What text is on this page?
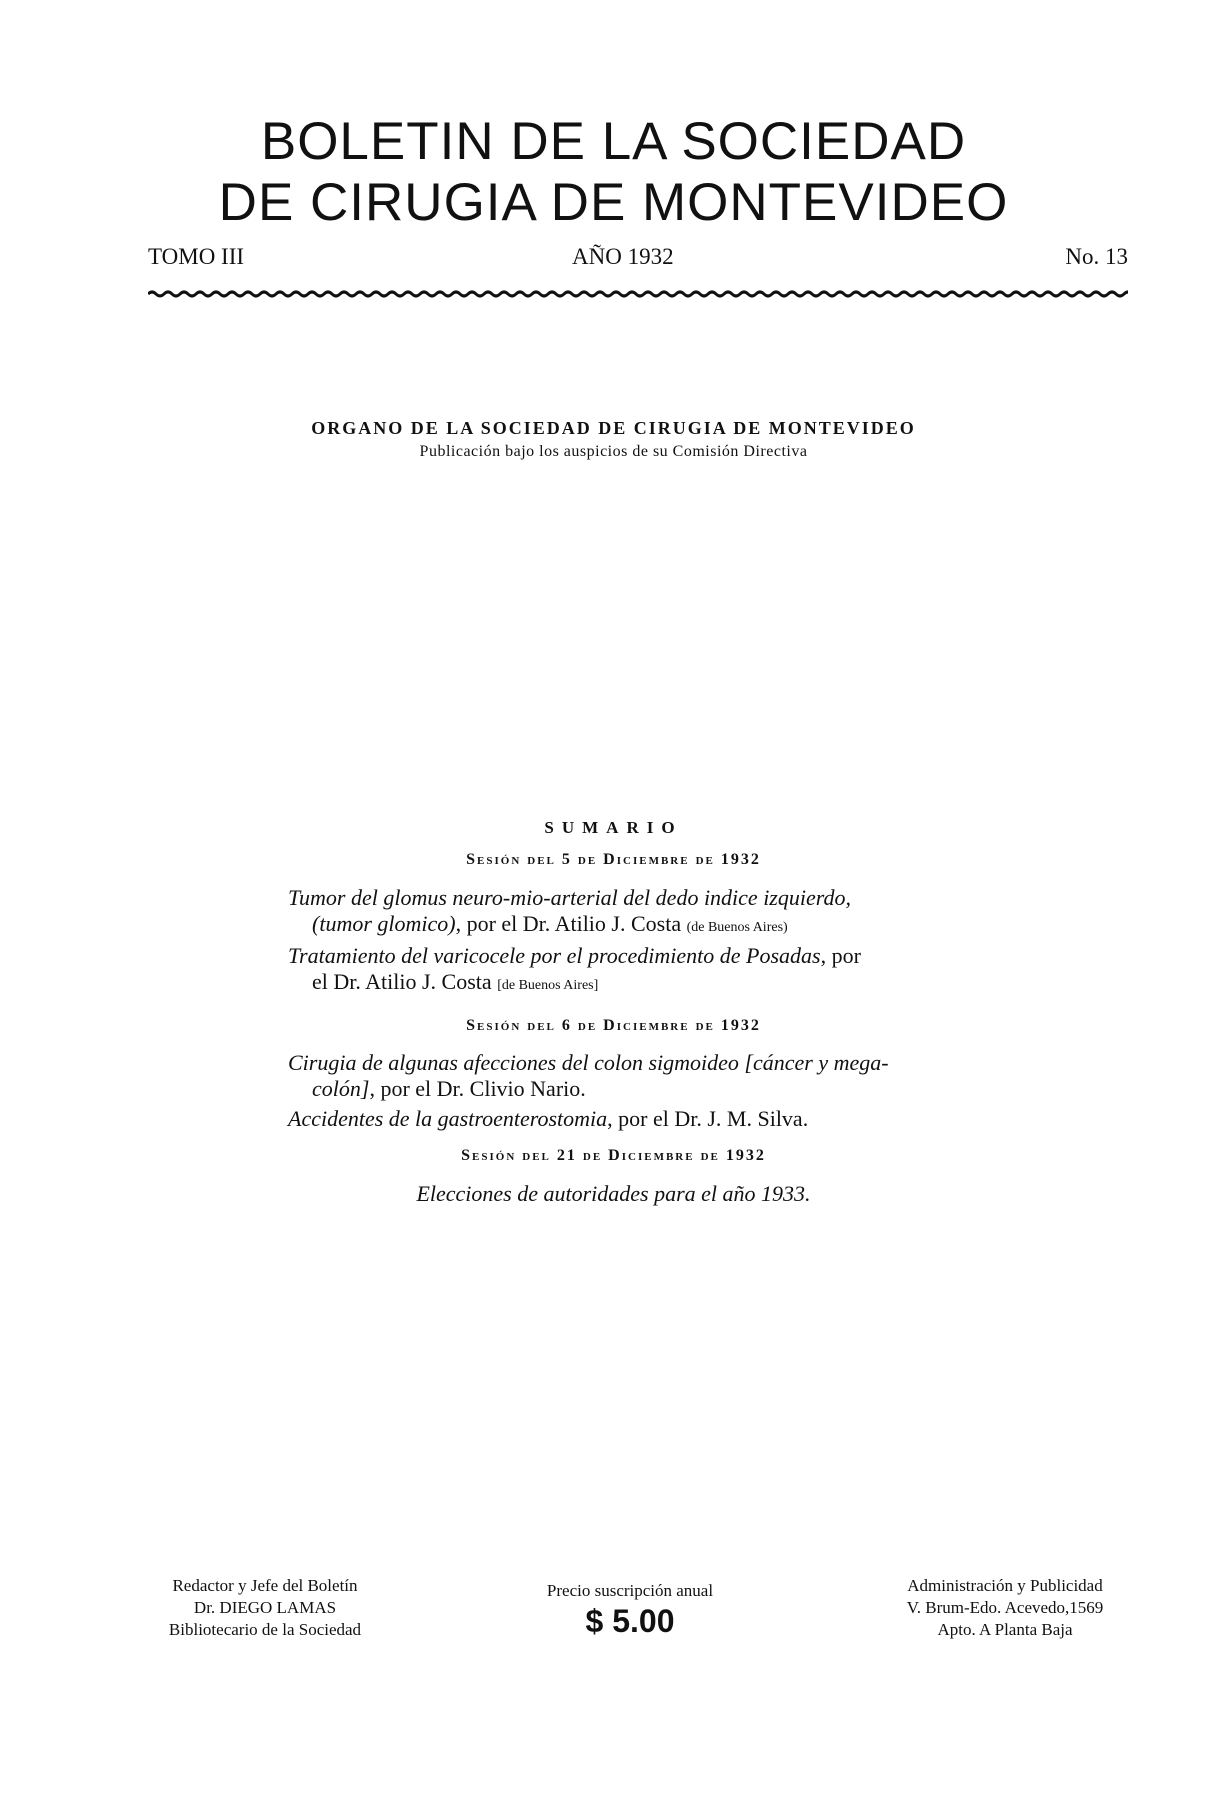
BOLETIN DE LA SOCIEDAD
DE CIRUGIA DE MONTEVIDEO
TOMO III	AÑO 1932	No. 13
ORGANO DE LA SOCIEDAD DE CIRUGIA DE MONTEVIDEO
Publicación bajo los auspicios de su Comisión Directiva
SUMARIO
Sesión del 5 de Diciembre de 1932
Tumor del glomus neuro-mio-arterial del dedo indice izquierdo,
(tumor glomico), por el Dr. Atilio J. Costa (de Buenos Aires)
Tratamiento del varicocele por el procedimiento de Posadas, por
el Dr. Atilio J. Costa [de Buenos Aires]
Sesión del 6 de Diciembre de 1932
Cirugia de algunas afecciones del colon sigmoideo [cáncer y mega-
colón], por el Dr. Clivio Nario.
Accidentes de la gastroenterostomia, por el Dr. J. M. Silva.
Sesión del 21 de Diciembre de 1932
Elecciones de autoridades para el año 1933.
Redactor y Jefe del Boletín
Dr. DIEGO LAMAS
Bibliotecario de la Sociedad
Precio suscripción anual
$ 5.00
Administración y Publicidad
V. Brum-Edo. Acevedo,1569
Apto. A Planta Baja
